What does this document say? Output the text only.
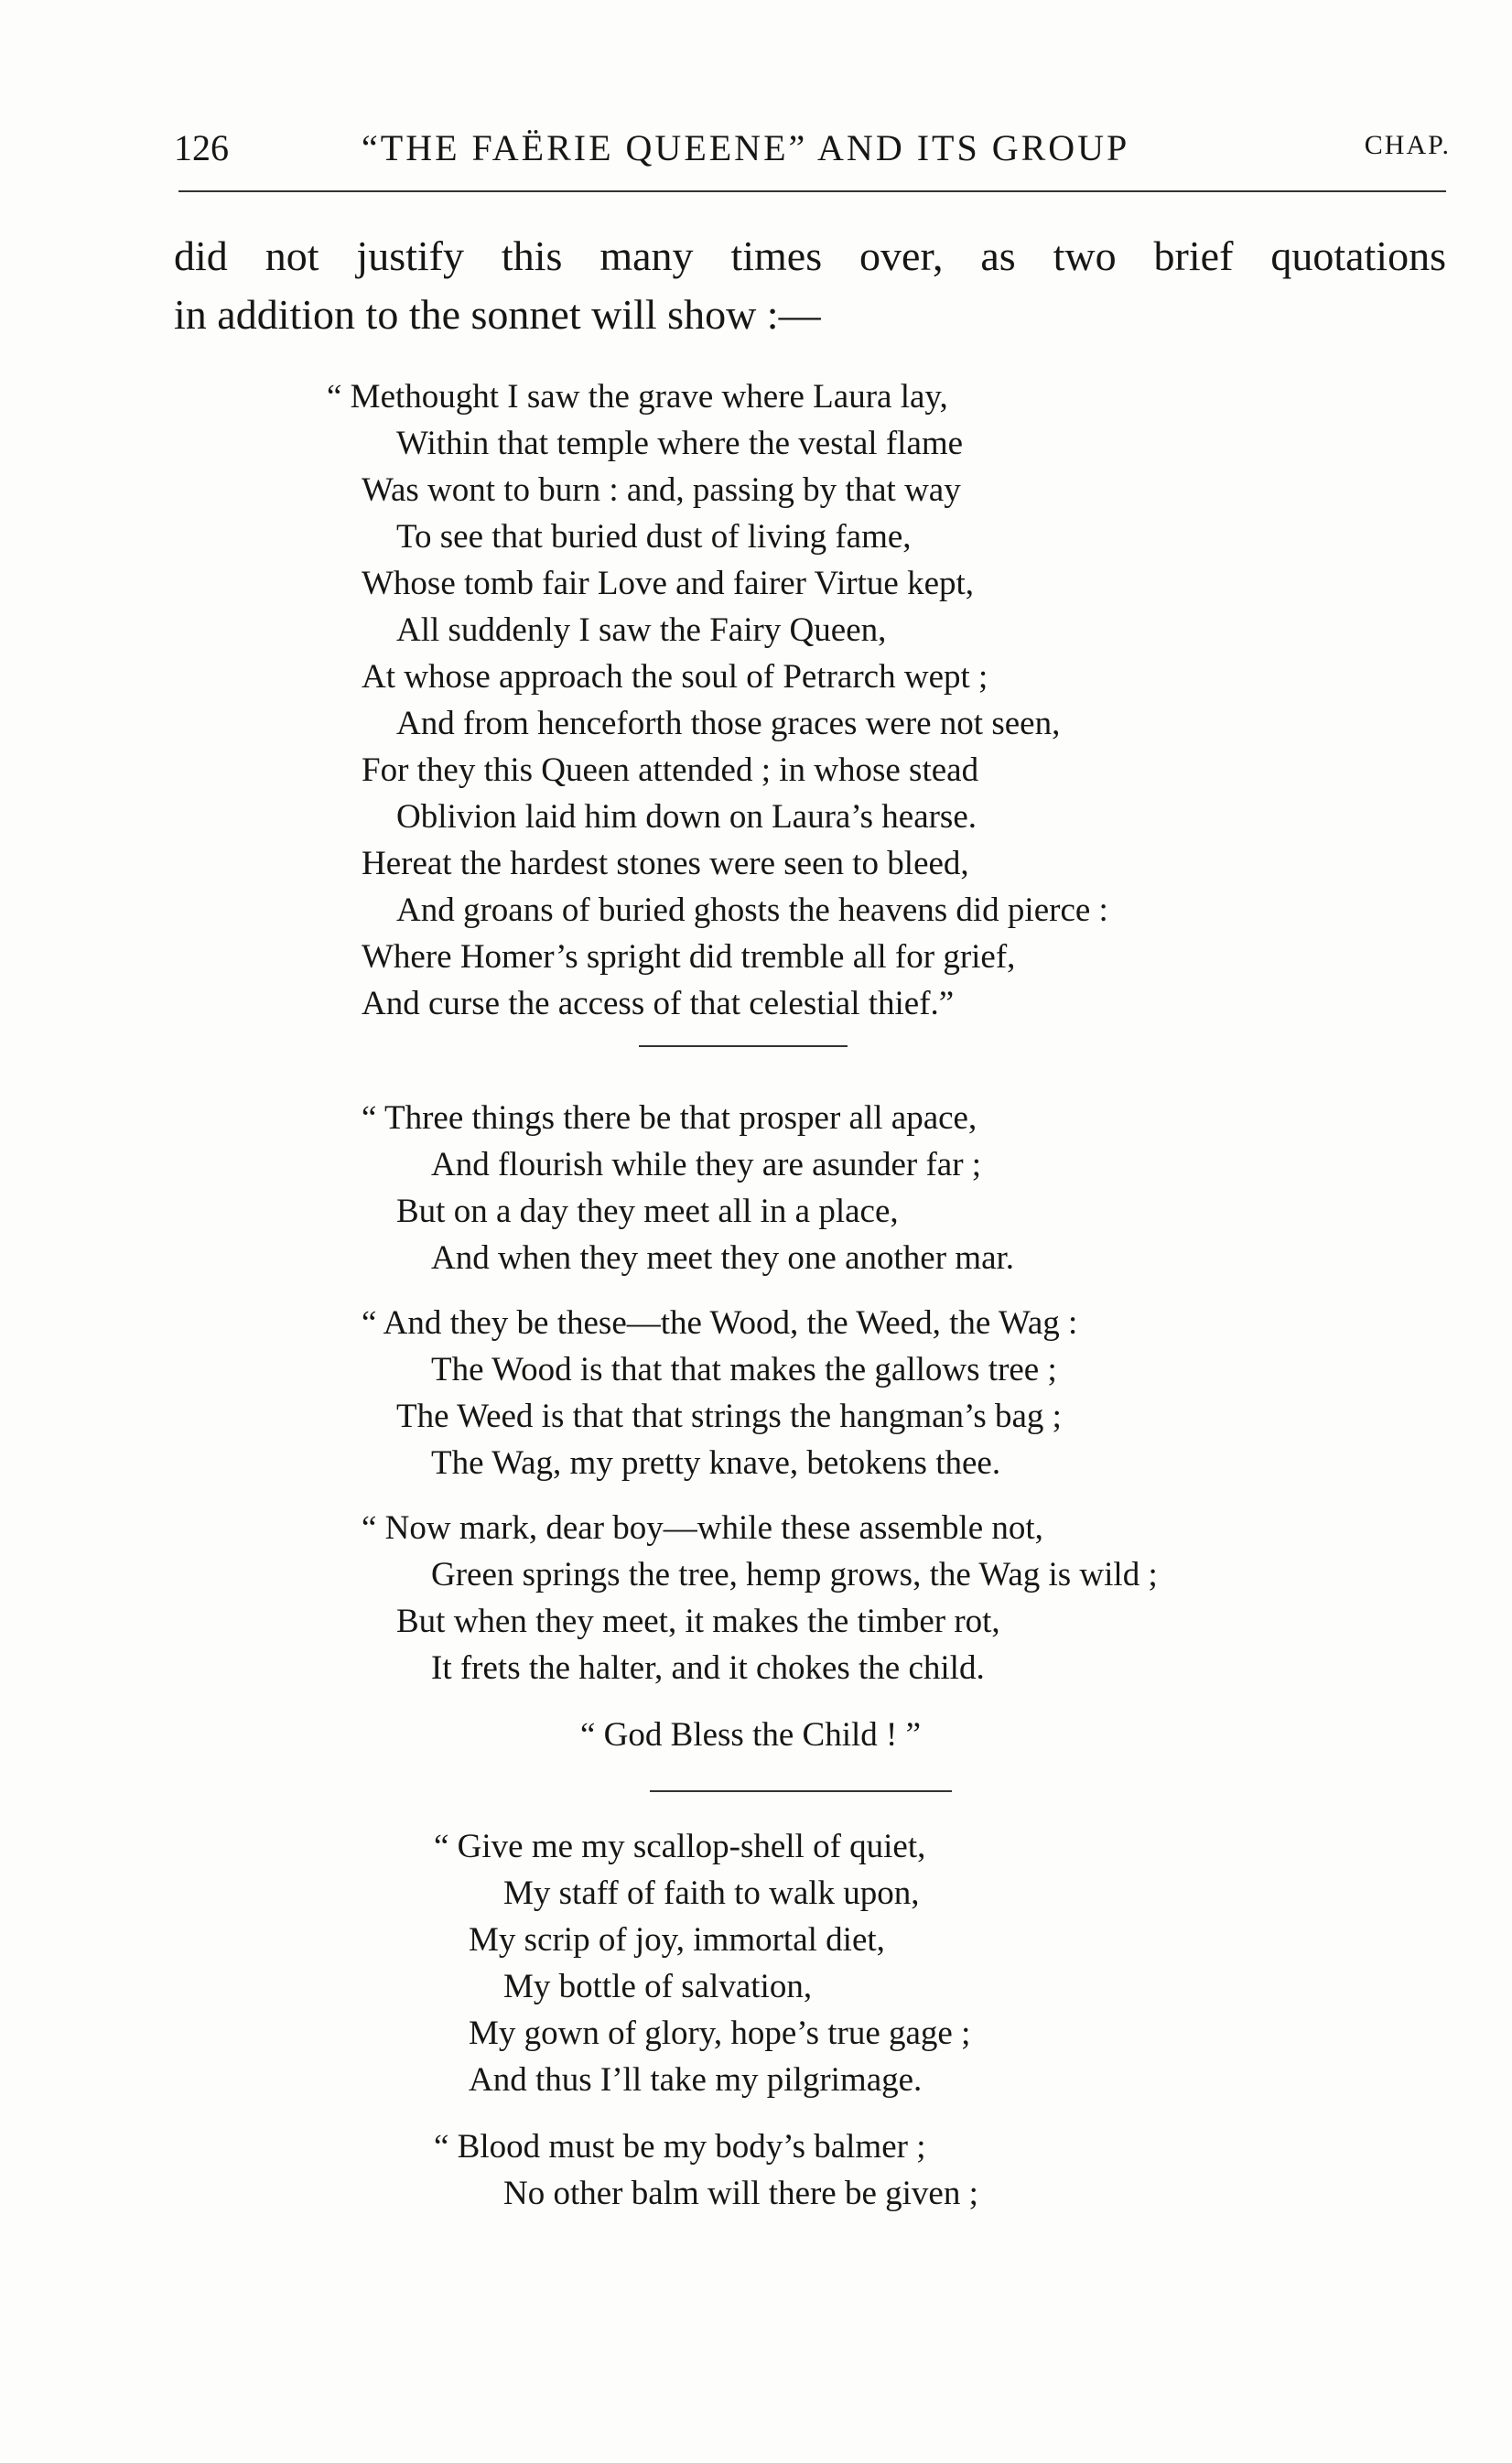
126	“THE FAËRIE QUEENE” AND ITS GROUP	CHAP.
did not justify this many times over, as two brief quotations
in addition to the sonnet will show :—
“ Methought I saw the grave where Laura lay,
Within that temple where the vestal flame
Was wont to burn : and, passing by that way
To see that buried dust of living fame,
Whose tomb fair Love and fairer Virtue kept,
All suddenly I saw the Fairy Queen,
At whose approach the soul of Petrarch wept ;
And from henceforth those graces were not seen,
For they this Queen attended ; in whose stead
Oblivion laid him down on Laura’s hearse.
Hereat the hardest stones were seen to bleed,
And groans of buried ghosts the heavens did pierce :
Where Homer’s spright did tremble all for grief,
And curse the access of that celestial thief.”
“ Three things there be that prosper all apace,
And flourish while they are asunder far ;
But on a day they meet all in a place,
And when they meet they one another mar.
“ And they be these—the Wood, the Weed, the Wag :
The Wood is that that makes the gallows tree ;
The Weed is that that strings the hangman’s bag ;
The Wag, my pretty knave, betokens thee.
“ Now mark, dear boy—while these assemble not,
Green springs the tree, hemp grows, the Wag is wild ;
But when they meet, it makes the timber rot,
It frets the halter, and it chokes the child.
“ God Bless the Child ! ”
“ Give me my scallop-shell of quiet,
My staff of faith to walk upon,
My scrip of joy, immortal diet,
My bottle of salvation,
My gown of glory, hope’s true gage ;
And thus I’ll take my pilgrimage.
“ Blood must be my body’s balmer ;
No other balm will there be given ;
